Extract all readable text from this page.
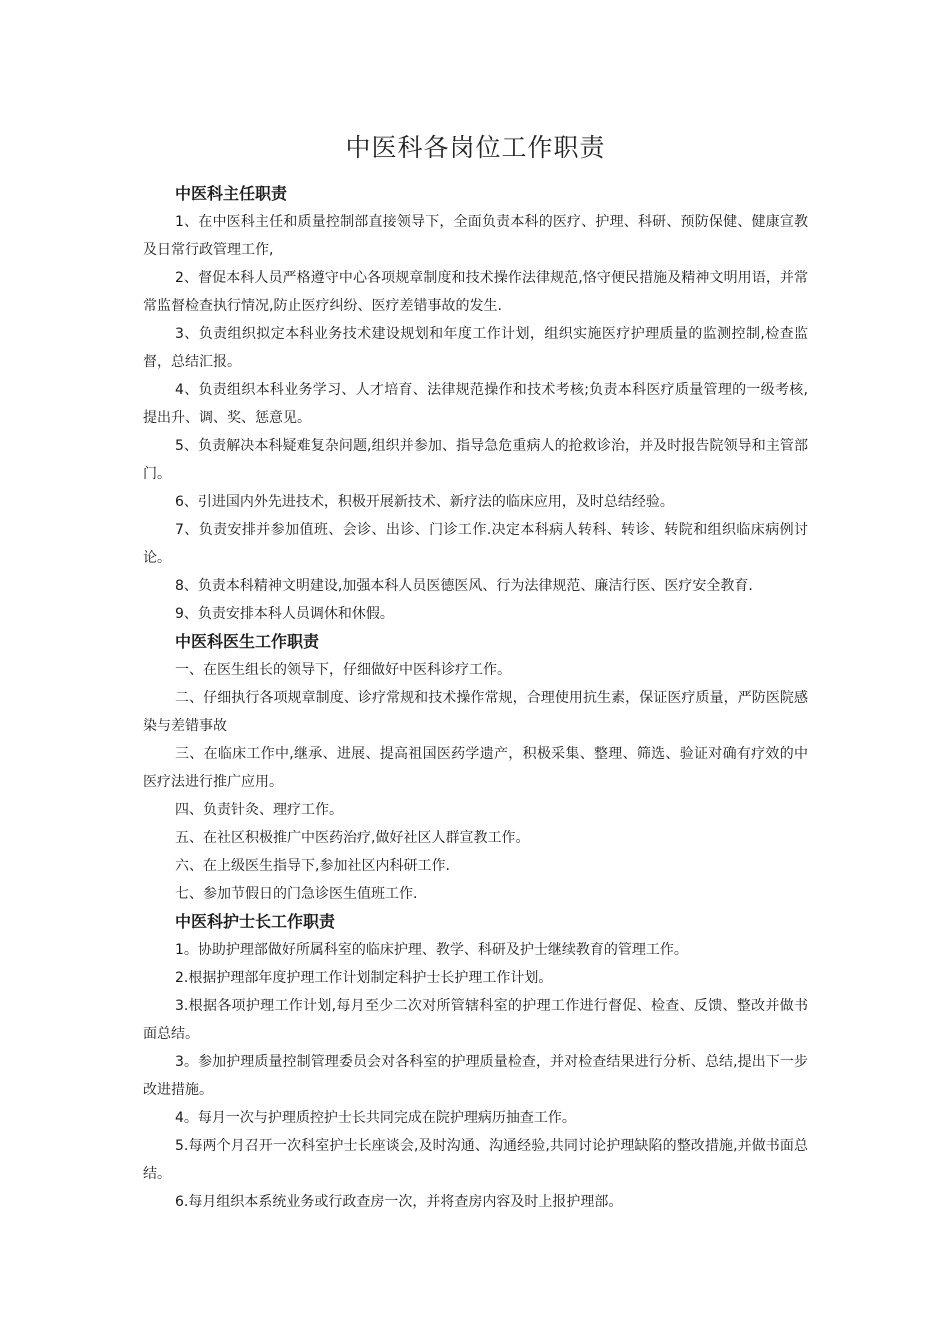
中医科各岗位工作职责
中医科主任职责

1、在中医科主任和质量控制部直接领导下，全面负责本科的医疗、护理、科研、预防保健、健康宣教及日常行政管理工作,

2、督促本科人员严格遵守中心各项规章制度和技术操作法律规范,恪守便民措施及精神文明用语，并常常监督检查执行情况,防止医疗纠纷、医疗差错事故的发生.

3、负责组织拟定本科业务技术建设规划和年度工作计划，组织实施医疗护理质量的监测控制,检查监督，总结汇报。

4、负责组织本科业务学习、人才培育、法律规范操作和技术考核;负责本科医疗质量管理的一级考核,提出升、调、奖、惩意见。

5、负责解决本科疑难复杂问题,组织并参加、指导急危重病人的抢救诊治，并及时报告院领导和主管部门。

6、引进国内外先进技术，积极开展新技术、新疗法的临床应用，及时总结经验。

7、负责安排并参加值班、会诊、出诊、门诊工作.决定本科病人转科、转诊、转院和组织临床病例讨论。

8、负责本科精神文明建设,加强本科人员医德医风、行为法律规范、廉洁行医、医疗安全教育.

9、负责安排本科人员调休和休假。

中医科医生工作职责

一、在医生组长的领导下，仔细做好中医科诊疗工作。

二、仔细执行各项规章制度、诊疗常规和技术操作常规，合理使用抗生素，保证医疗质量，严防医院感染与差错事故

三、在临床工作中,继承、进展、提高祖国医药学遗产，积极采集、整理、筛选、验证对确有疗效的中医疗法进行推广应用。

四、负责针灸、理疗工作。

五、在社区积极推广中医药治疗,做好社区人群宣教工作。

六、在上级医生指导下,参加社区内科研工作.

七、参加节假日的门急诊医生值班工作.

中医科护士长工作职责

1。协助护理部做好所属科室的临床护理、教学、科研及护士继续教育的管理工作。

2.根据护理部年度护理工作计划制定科护士长护理工作计划。

3.根据各项护理工作计划,每月至少二次对所管辖科室的护理工作进行督促、检查、反馈、整改并做书面总结。

3。参加护理质量控制管理委员会对各科室的护理质量检查，并对检查结果进行分析、总结,提出下一步改进措施。

4。每月一次与护理质控护士长共同完成在院护理病历抽查工作。

5.每两个月召开一次科室护士长座谈会,及时沟通、沟通经验,共同讨论护理缺陷的整改措施,并做书面总结。

6.每月组织本系统业务或行政查房一次，并将查房内容及时上报护理部。
